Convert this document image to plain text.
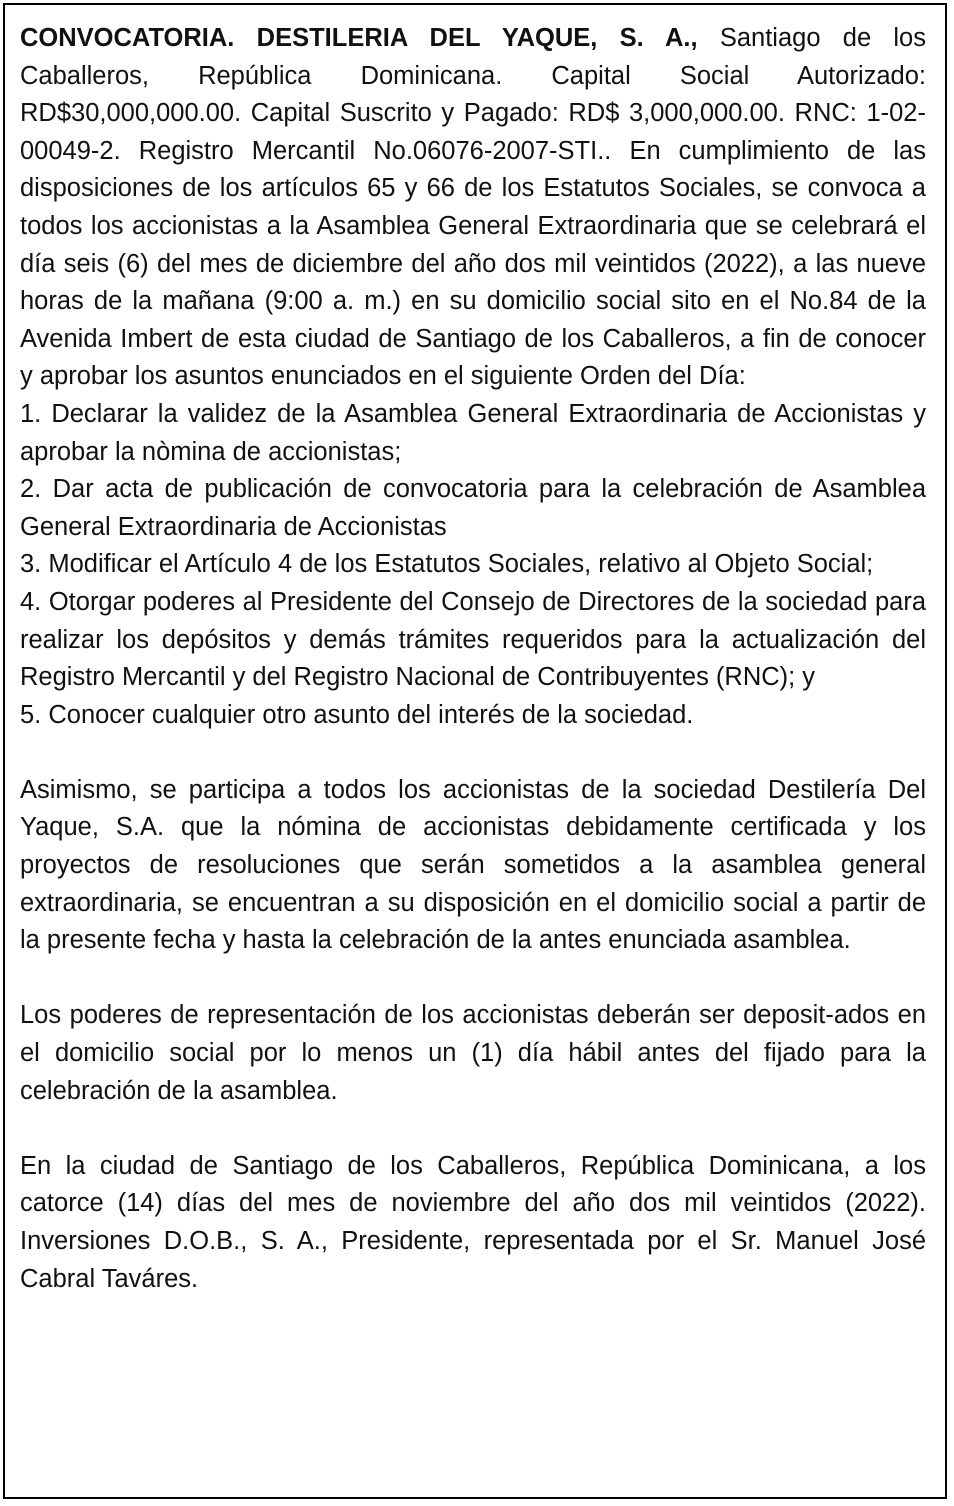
CONVOCATORIA. DESTILERIA DEL YAQUE, S. A., Santiago de los Caballeros, República Dominicana. Capital Social Autorizado: RD$30,000,000.00. Capital Suscrito y Pagado: RD$ 3,000,000.00. RNC: 1-02-00049-2. Registro Mercantil No.06076-2007-STI.. En cumplimiento de las disposiciones de los artículos 65 y 66 de los Estatutos Sociales, se convoca a todos los accionistas a la Asamblea General Extraordinaria que se celebrará el día seis (6) del mes de diciembre del año dos mil veintidos (2022), a las nueve horas de la mañana (9:00 a. m.) en su domicilio social sito en el No.84 de la Avenida Imbert de esta ciudad de Santiago de los Caballeros, a fin de conocer y aprobar los asuntos enunciados en el siguiente Orden del Día:

1. Declarar la validez de la Asamblea General Extraordinaria de Accionistas y aprobar la nòmina de accionistas;

2. Dar acta de publicación de convocatoria para la celebración de Asamblea General Extraordinaria de Accionistas

3. Modificar el Artículo 4 de los Estatutos Sociales, relativo al Objeto Social;

4. Otorgar poderes al Presidente del Consejo de Directores de la sociedad para realizar los depósitos y demás trámites requeridos para la actualización del Registro Mercantil y del Registro Nacional de Contribuyentes (RNC); y

5. Conocer cualquier otro asunto del interés de la sociedad.

Asimismo, se participa a todos los accionistas de la sociedad Destilería Del Yaque, S.A. que la nómina de accionistas debidamente certificada y los proyectos de resoluciones que serán sometidos a la asamblea general extraordinaria, se encuentran a su disposición en el domicilio social a partir de la presente fecha y hasta la celebración de la antes enunciada asamblea.

Los poderes de representación de los accionistas deberán ser deposit-ados en el domicilio social por lo menos un (1) día hábil antes del fijado para la celebración de la asamblea.

En la ciudad de Santiago de los Caballeros, República Dominicana, a los catorce (14) días del mes de noviembre del año dos mil veintidos (2022). Inversiones D.O.B., S. A., Presidente, representada por el Sr. Manuel José Cabral Taváres.
